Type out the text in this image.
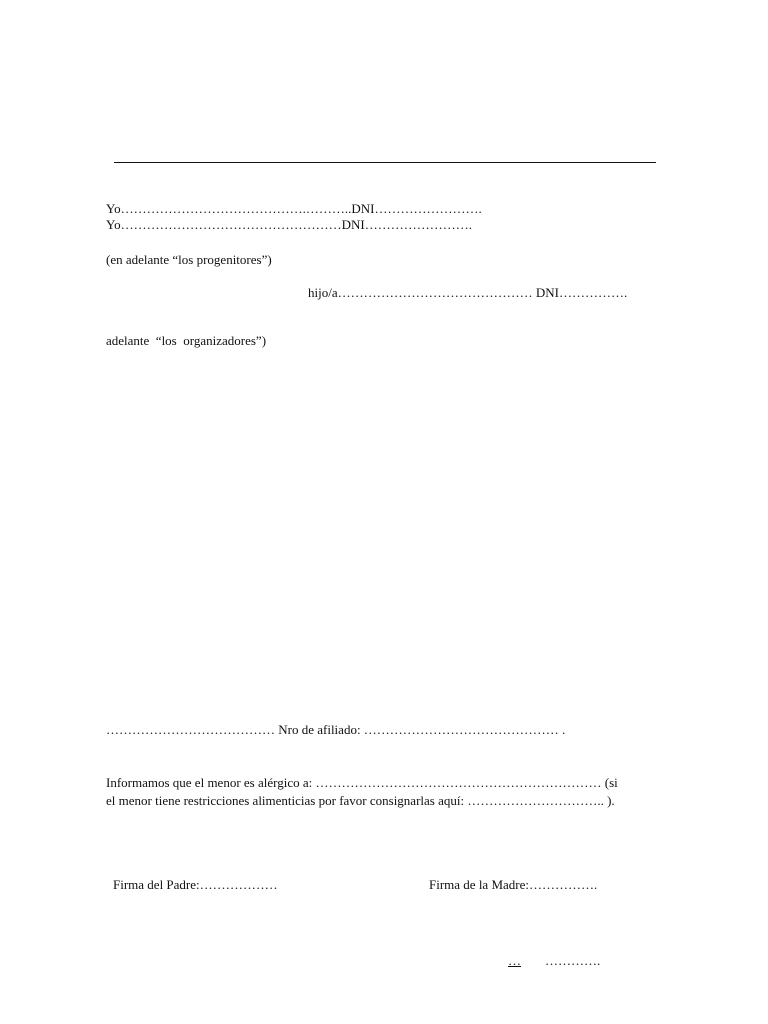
Yo…………………………………….………..DNI…………………….
Yo……………………………………………DNI…………………….
(en adelante “los progenitores”)
hijo/a……………………………………… DNI…………….
adelante  “los  organizadores”)
………………………………… Nro de afiliado: ……………………………………… .
Informamos que el menor es alérgico a: ………………………………………………………… (si
el menor tiene restricciones alimenticias por favor consignarlas aquí: ………………………….. ).
Firma del Padre:………………	Firma de la Madre:…………….
… ………….
